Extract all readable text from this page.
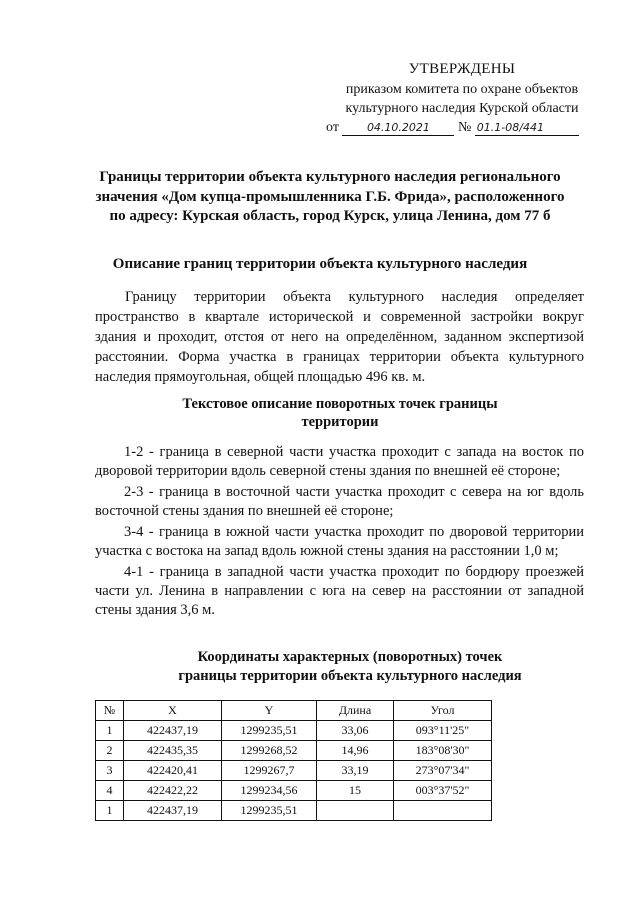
УТВЕРЖДЕНЫ
приказом комитета по охране объектов
культурного наследия Курской области
от	04.10.2021 № 01.1-08/441
Границы территории объекта культурного наследия регионального
значения «Дом купца-промышленника Г.Б. Фрида», расположенного
по адресу: Курская область, город Курск, улица Ленина, дом 77 б
Описание границ территории объекта культурного наследия
Границу территории объекта культурного наследия определяет пространство в квартале исторической и современной застройки вокруг здания и проходит, отстоя от него на определённом, заданном экспертизой расстоянии. Форма участка в границах территории объекта культурного наследия прямоугольная, общей площадью 496 кв. м.
Текстовое описание поворотных точек границы
территории

1-2 - граница в северной части участка проходит с запада на восток по дворовой территории вдоль северной стены здания по внешней её стороне;

2-3 - граница в восточной части участка проходит с севера на юг вдоль восточной стены здания по внешней её стороне;

3-4 - граница в южной части участка проходит по дворовой территории участка с востока на запад вдоль южной стены здания на расстоянии 1,0 м;

4-1 - граница в западной части участка проходит по бордюру проезжей части ул. Ленина в направлении с юга на север на расстоянии от западной стены здания 3,6 м.

Координаты характерных (поворотных) точек
границы территории объекта культурного наследия
№	X	Y	Длина	Угол
1	422437,19	1299235,51	33,06	093°11'25"
2	422435,35	1299268,52	14,96	183°08'30"
3	422420,41	1299267,7	33,19	273°07'34"
4	422422,22	1299234,56	15	003°37'52"
1	422437,19	1299235,51		
